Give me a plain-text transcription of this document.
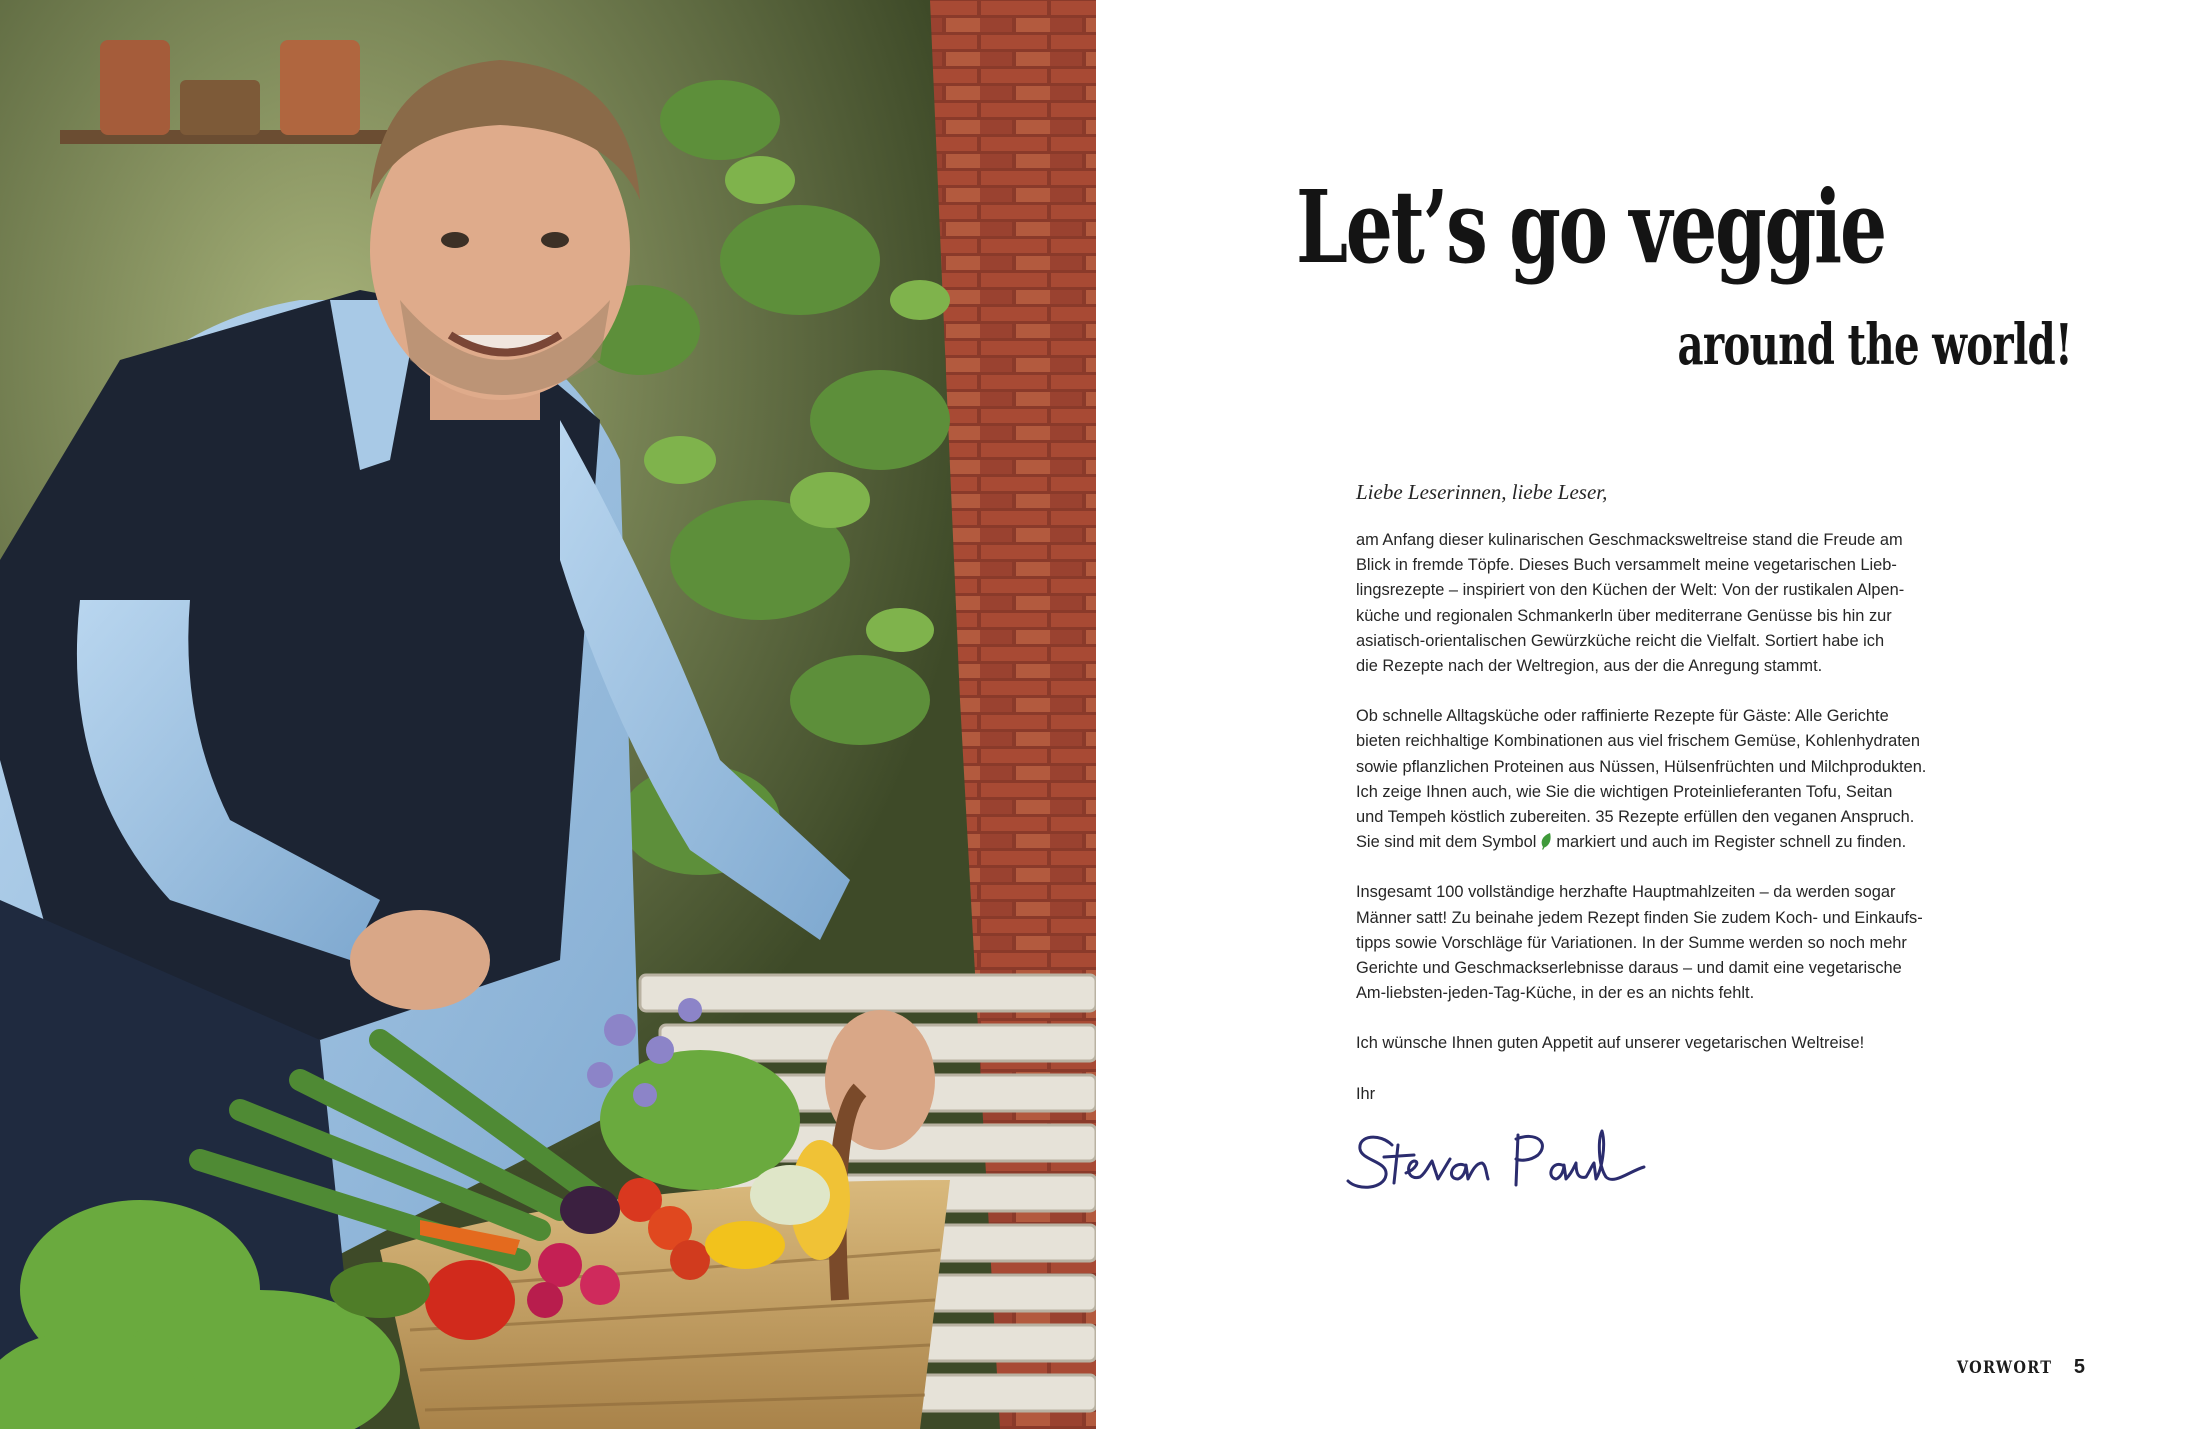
Let’s go veggie
around the world!
Liebe Leserinnen, liebe Leser,

am Anfang dieser kulinarischen Geschmacksweltreise stand die Freude am
Blick in fremde Töpfe. Dieses Buch versammelt meine vegetarischen Lieb-
lingsrezepte – inspiriert von den Küchen der Welt: Von der rustikalen Alpen-
küche und regionalen Schmankerln über mediterrane Genüsse bis hin zur
asiatisch-orientalischen Gewürzküche reicht die Vielfalt. Sortiert habe ich
die Rezepte nach der Weltregion, aus der die Anregung stammt.

Ob schnelle Alltagsküche oder raffinierte Rezepte für Gäste: Alle Gerichte
bieten reichhaltige Kombinationen aus viel frischem Gemüse, Kohlenhydraten
sowie pflanzlichen Proteinen aus Nüssen, Hülsenfrüchten und Milchprodukten.
Ich zeige Ihnen auch, wie Sie die wichtigen Proteinlieferanten Tofu, Seitan
und Tempeh köstlich zubereiten. 35 Rezepte erfüllen den veganen Anspruch.
Sie sind mit dem Symbol markiert und auch im Register schnell zu finden.

Insgesamt 100 vollständige herzhafte Hauptmahlzeiten – da werden sogar
Männer satt! Zu beinahe jedem Rezept finden Sie zudem Koch- und Einkaufs-
tipps sowie Vorschläge für Variationen. In der Summe werden so noch mehr
Gerichte und Geschmackserlebnisse daraus – und damit eine vegetarische
Am-liebsten-jeden-Tag-Küche, in der es an nichts fehlt.

Ich wünsche Ihnen guten Appetit auf unserer vegetarischen Weltreise!

Ihr

VORWORT 5
